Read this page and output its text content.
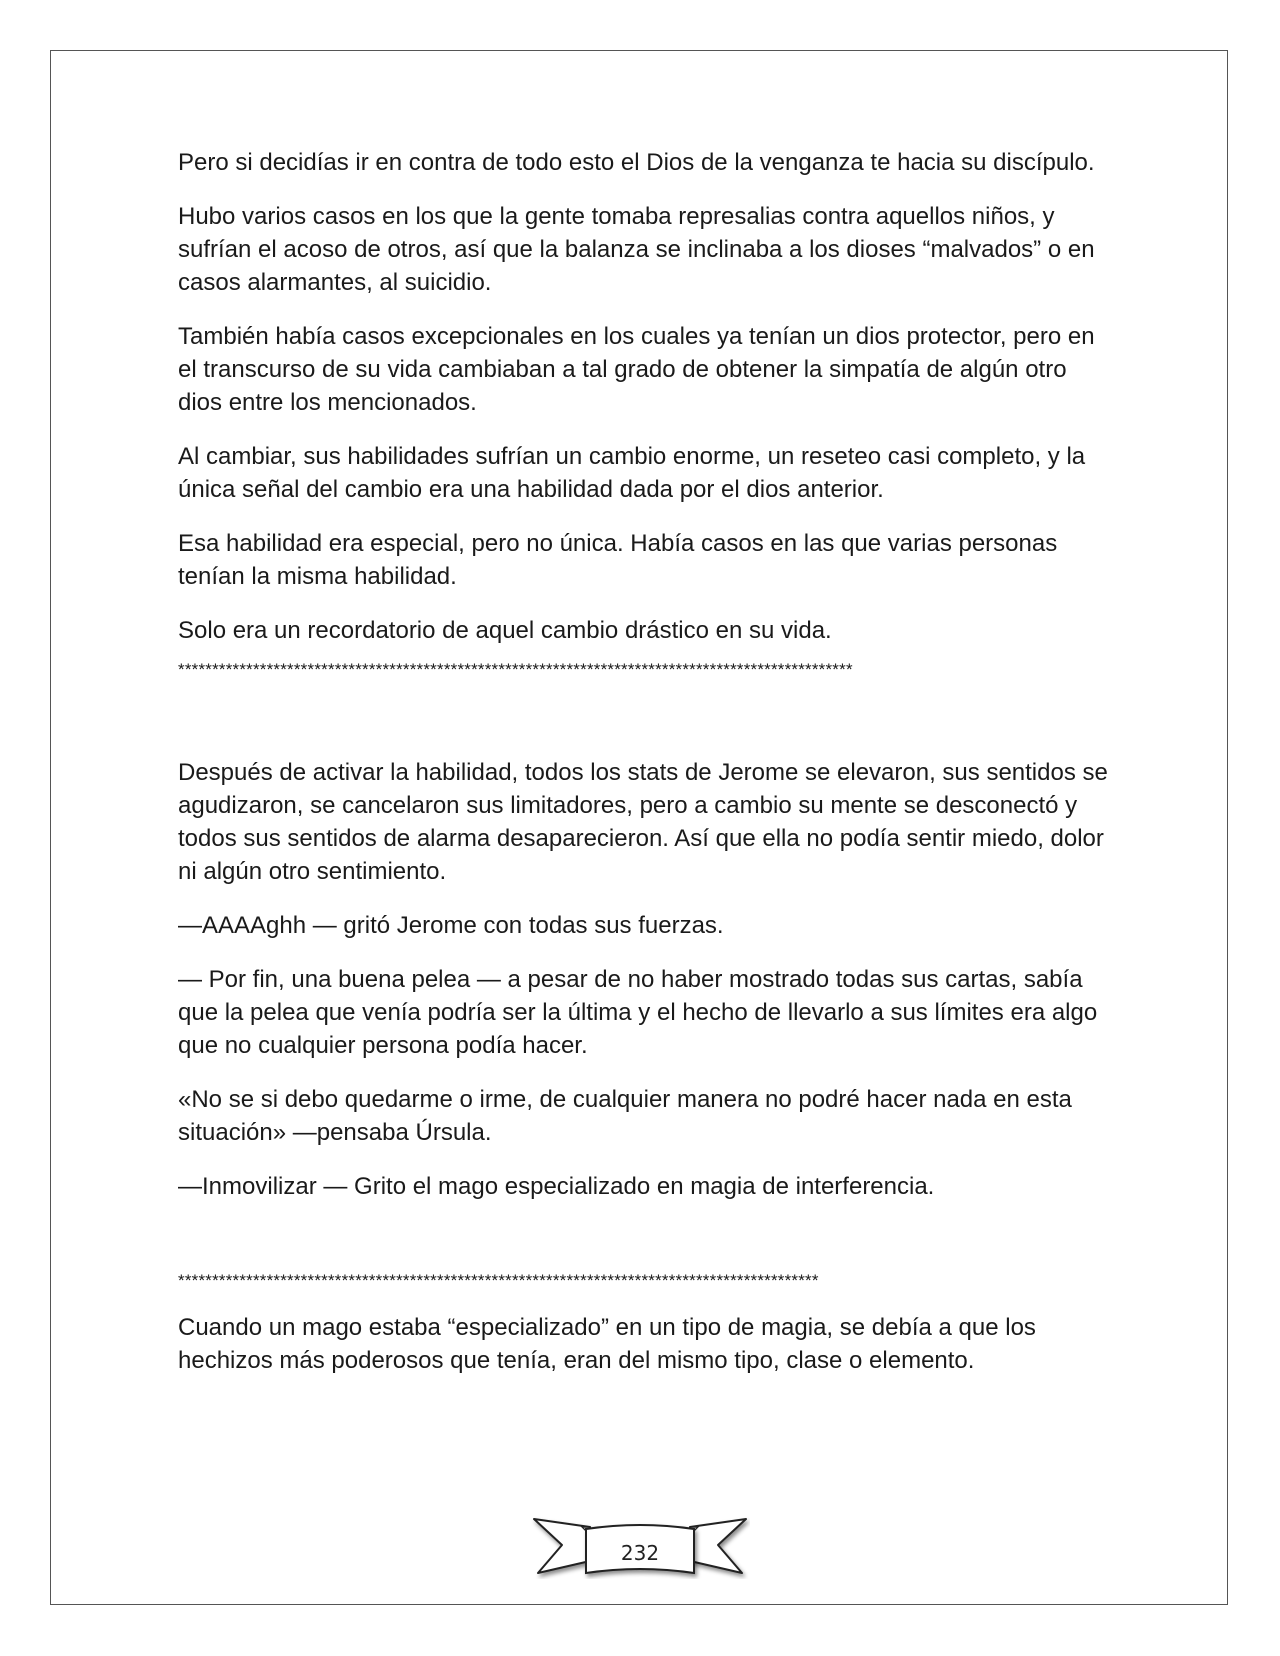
Pero si decidías ir en contra de todo esto el Dios de la venganza te hacia su discípulo.

Hubo varios casos en los que la gente tomaba represalias contra aquellos niños, y sufrían el acoso de otros, así que la balanza se inclinaba a los dioses “malvados” o en casos alarmantes, al suicidio.

También había casos excepcionales en los cuales ya tenían un dios protector, pero en el transcurso de su vida cambiaban a tal grado de obtener la simpatía de algún otro dios entre los mencionados.

Al cambiar, sus habilidades sufrían un cambio enorme, un reseteo casi completo, y la única señal del cambio era una habilidad dada por el dios anterior.

Esa habilidad era especial, pero no única. Había casos en las que varias personas tenían la misma habilidad.

Solo era un recordatorio de aquel cambio drástico en su vida.

***************************************************************************************************

Después de activar la habilidad, todos los stats de Jerome se elevaron, sus sentidos se agudizaron, se cancelaron sus limitadores, pero a cambio su mente se desconectó y todos sus sentidos de alarma desaparecieron. Así que ella no podía sentir miedo, dolor ni algún otro sentimiento.

—AAAAghh — gritó Jerome con todas sus fuerzas.

— Por fin, una buena pelea — a pesar de no haber mostrado todas sus cartas, sabía que la pelea que venía podría ser la última y el hecho de llevarlo a sus límites era algo que no cualquier persona podía hacer.

«No se si debo quedarme o irme, de cualquier manera no podré hacer nada en esta situación» —pensaba Úrsula.

—Inmovilizar — Grito el mago especializado en magia de interferencia.

**********************************************************************************************

Cuando un mago estaba “especializado” en un tipo de magia, se debía a que los hechizos más poderosos que tenía, eran del mismo tipo, clase o elemento.

232
